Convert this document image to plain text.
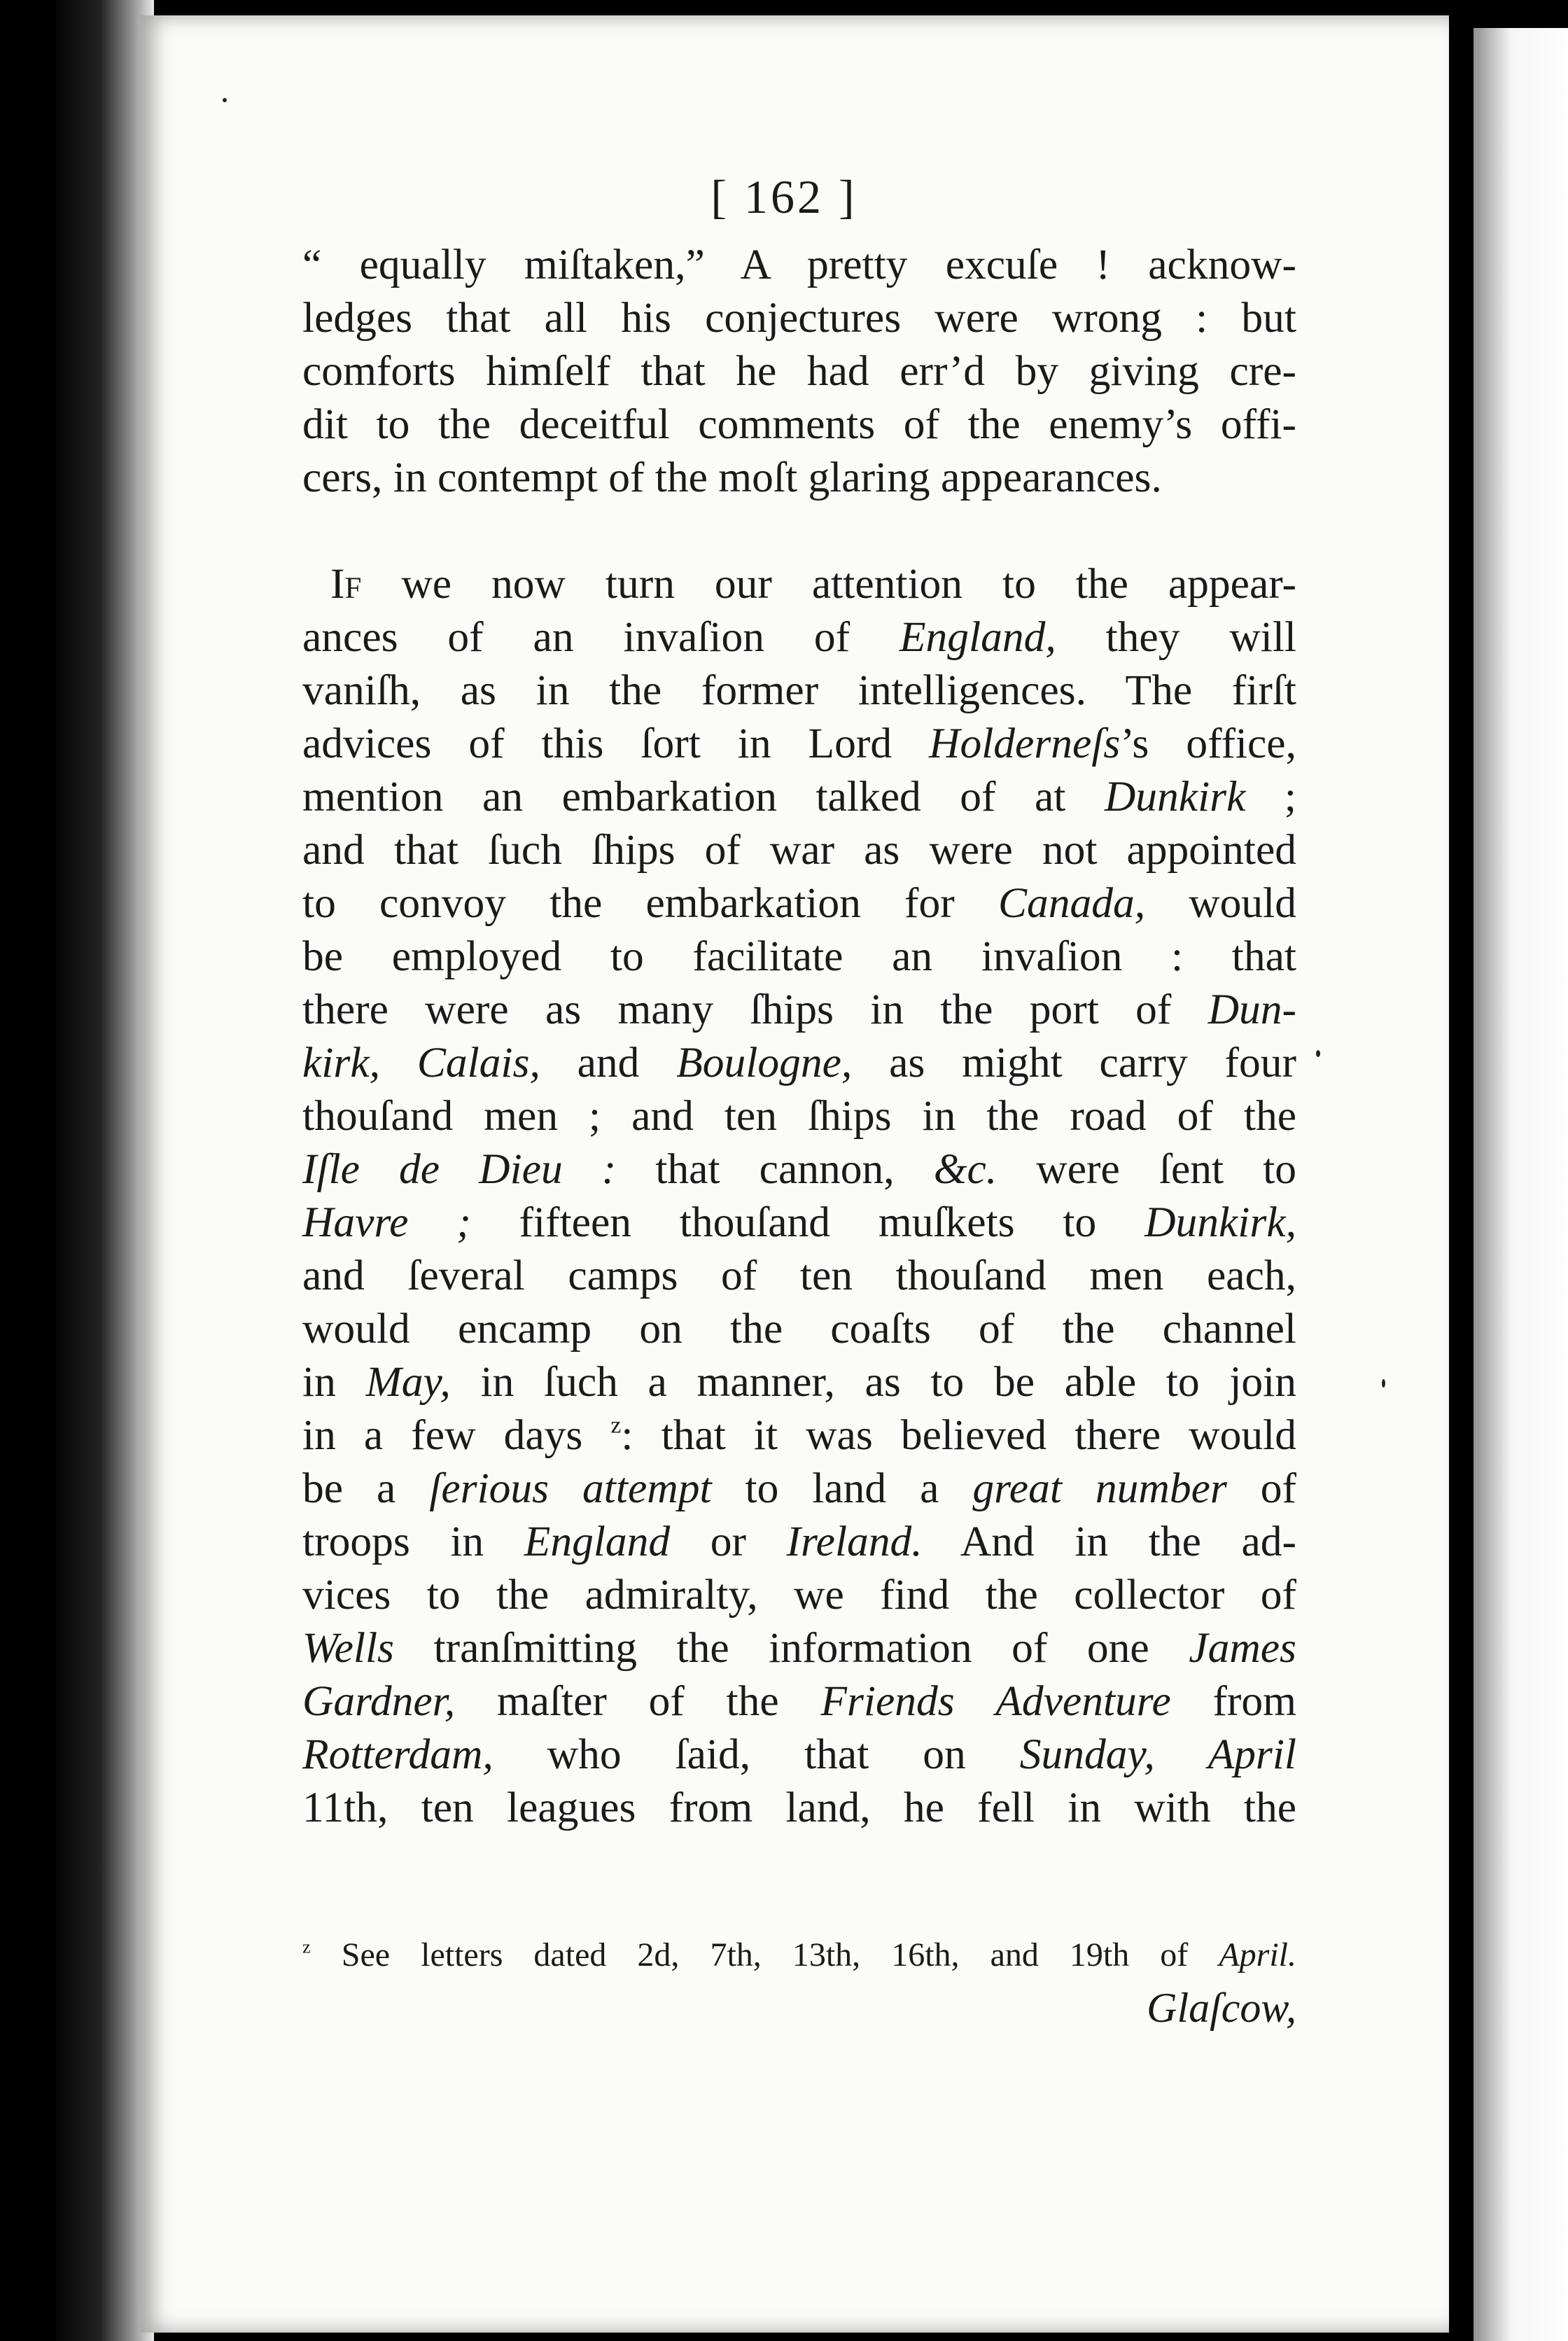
[ 162 ]
“ equally miſtaken,” A pretty excuſe ! acknow-
ledges that all his conjectures were wrong : but
comforts himſelf that he had err’d by giving cre-
dit to the deceitful comments of the enemy’s offi-
cers, in contempt of the moſt glaring appearances.
If we now turn our attention to the appear-
ances of an invaſion of England, they will
vaniſh, as in the former intelligences. The firſt
advices of this ſort in Lord Holderneſs’s office,
mention an embarkation talked of at Dunkirk ;
and that ſuch ſhips of war as were not appointed
to convoy the embarkation for Canada, would
be employed to facilitate an invaſion : that
there were as many ſhips in the port of Dun-
kirk, Calais, and Boulogne, as might carry four
thouſand men ; and ten ſhips in the road of the
Iſle de Dieu : that cannon, &c. were ſent to
Havre ; fifteen thouſand muſkets to Dunkirk,
and ſeveral camps of ten thouſand men each,
would encamp on the coaſts of the channel
in May, in ſuch a manner, as to be able to join
in a few days $^z$: that it was believed there would
be a ſerious attempt to land a great number of
troops in England or Ireland. And in the ad-
vices to the admiralty, we find the collector of
Wells tranſmitting the information of one James
Gardner, maſter of the Friends Adventure from
Rotterdam, who ſaid, that on Sunday, April
11th, ten leagues from land, he fell in with the
$^z$ See letters dated 2d, 7th, 13th, 16th, and 19th of April.
Glaſcow,
